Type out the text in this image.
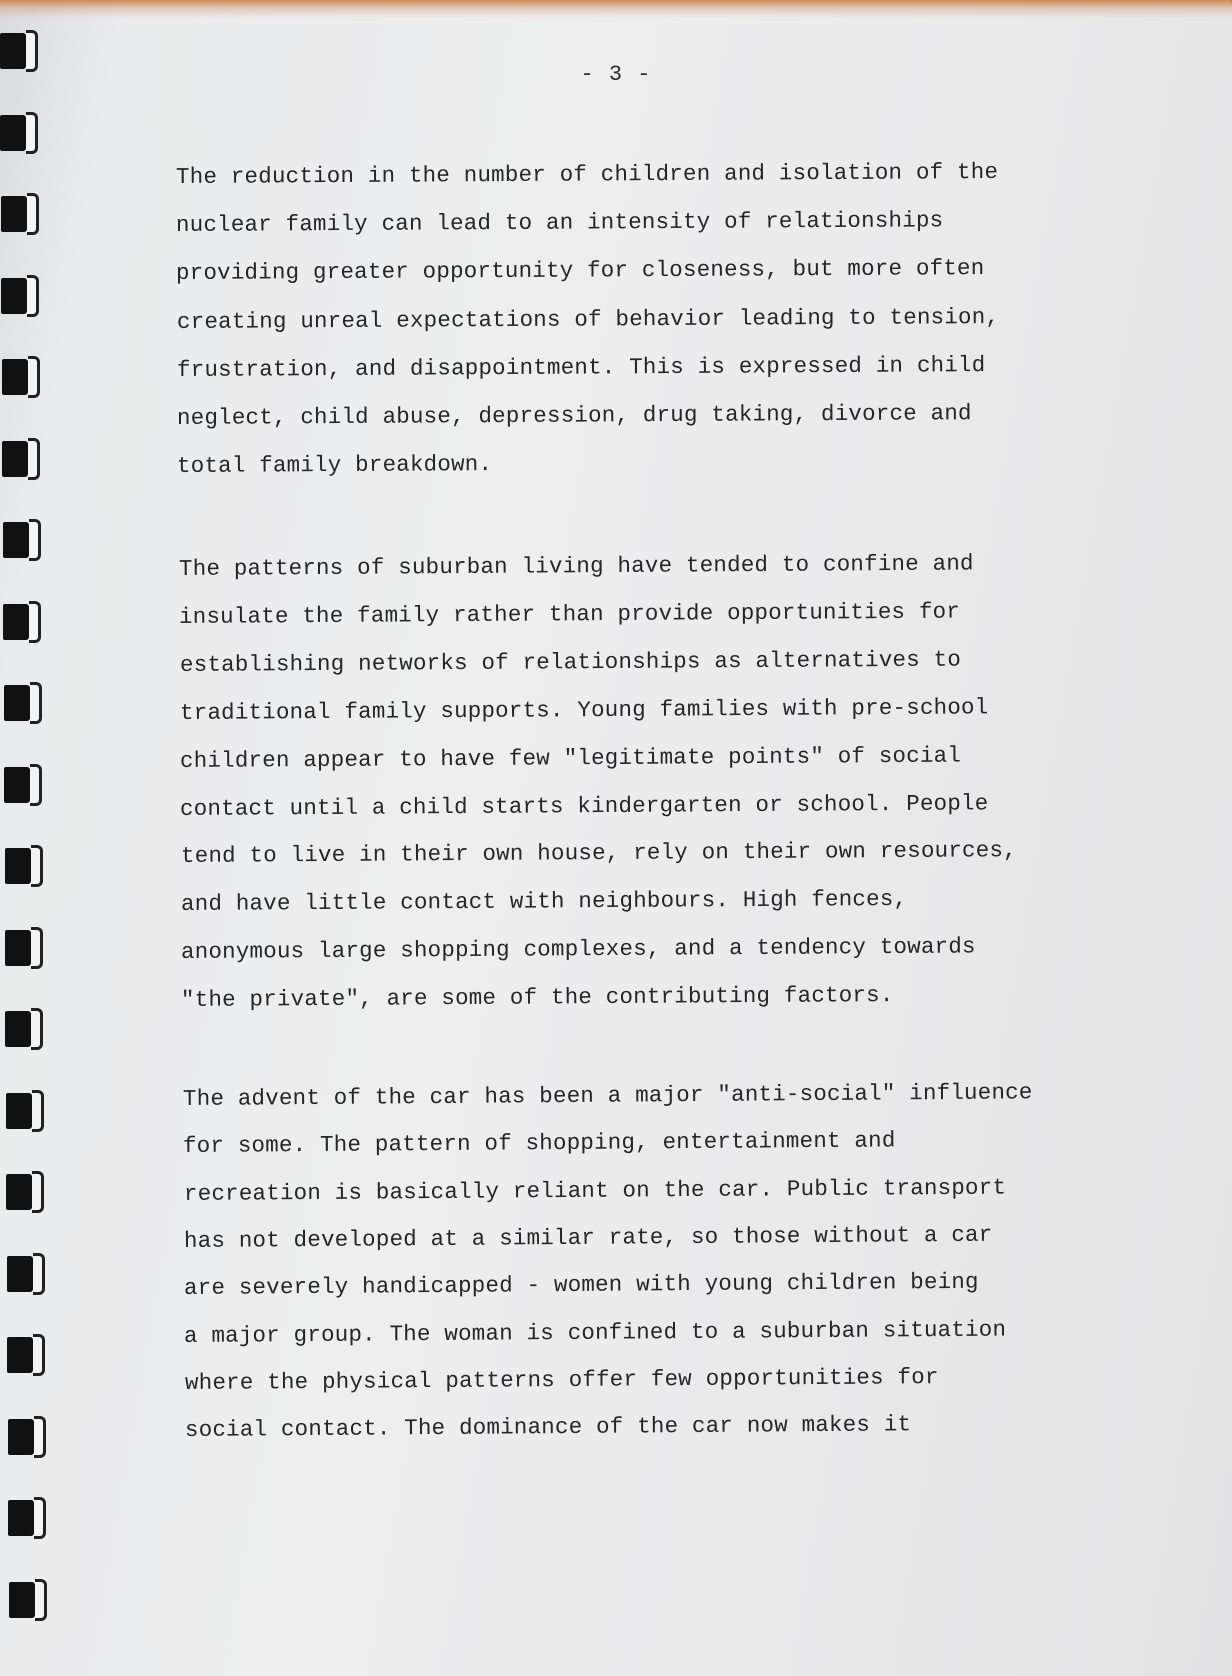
- 3 -
The reduction in the number of children and isolation of the
nuclear family can lead to an intensity of relationships
providing greater opportunity for closeness, but more often
creating unreal expectations of behavior leading to tension,
frustration, and disappointment. This is expressed in child
neglect, child abuse, depression, drug taking, divorce and
total family breakdown.
The patterns of suburban living have tended to confine and
insulate the family rather than provide opportunities for
establishing networks of relationships as alternatives to
traditional family supports. Young families with pre-school
children appear to have few "legitimate points" of social
contact until a child starts kindergarten or school. People
tend to live in their own house, rely on their own resources,
and have little contact with neighbours. High fences,
anonymous large shopping complexes, and a tendency towards
"the private", are some of the contributing factors.
The advent of the car has been a major "anti-social" influence
for some. The pattern of shopping, entertainment and
recreation is basically reliant on the car. Public transport
has not developed at a similar rate, so those without a car
are severely handicapped - women with young children being
a major group. The woman is confined to a suburban situation
where the physical patterns offer few opportunities for
social contact. The dominance of the car now makes it
